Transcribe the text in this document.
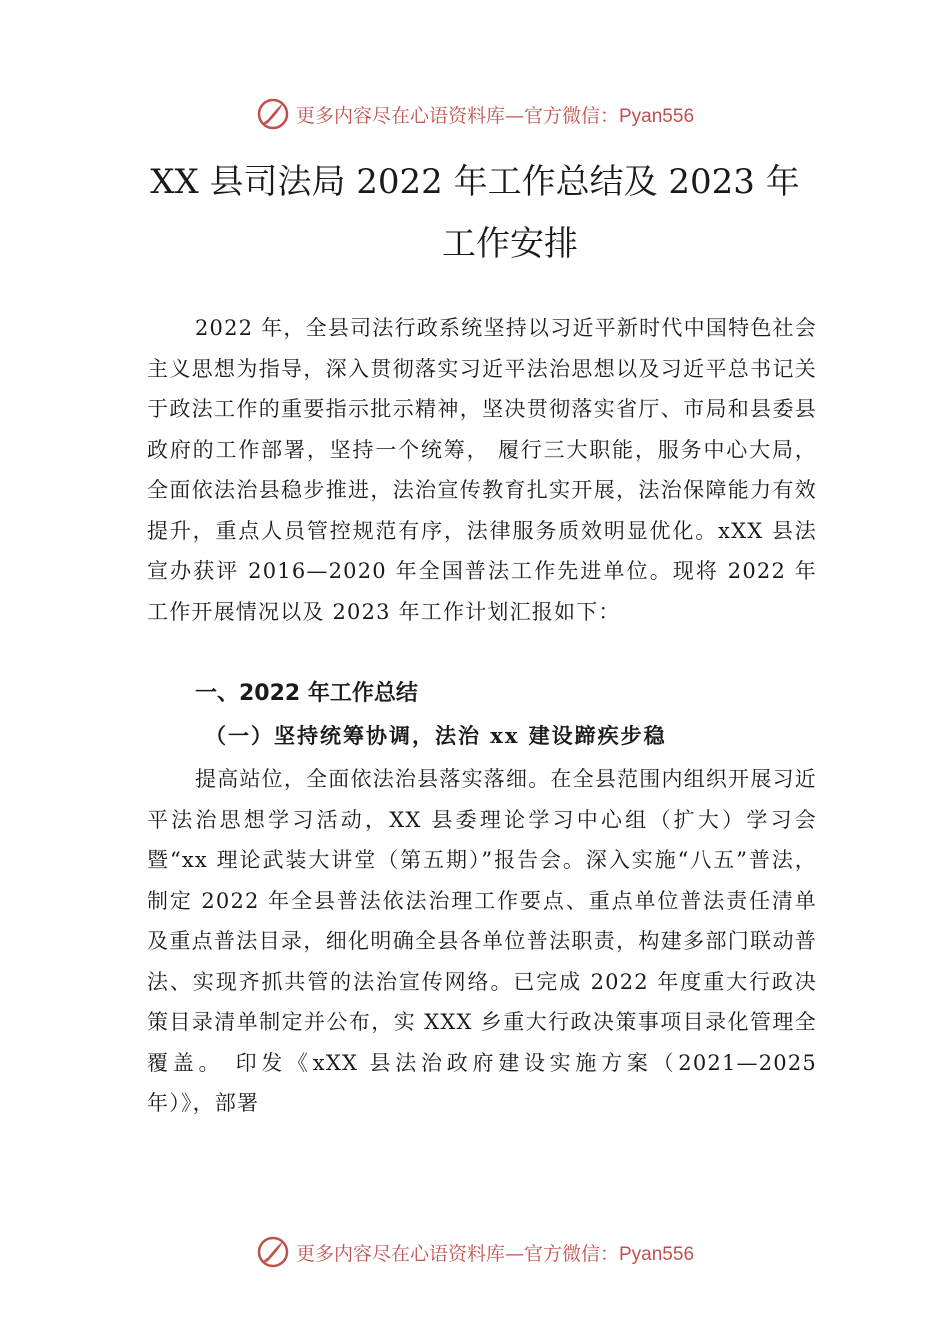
更多内容尽在心语资料库—官方微信：Pyan556
XX 县司法局 2022 年工作总结及 2023 年
工作安排

2022 年，全县司法行政系统坚持以习近平新时代中国特色社会主义思想为指导，深入贯彻落实习近平法治思想以及习近平总书记关于政法工作的重要指示批示精神，坚决贯彻落实省厅、市局和县委县政府的工作部署，坚持一个统筹， 履行三大职能，服务中心大局，全面依法治县稳步推进，法治宣传教育扎实开展，法治保障能力有效提升，重点人员管控规范有序，法律服务质效明显优化。xXX 县法宣办获评 2016—2020 年全国普法工作先进单位。现将 2022 年工作开展情况以及 2023 年工作计划汇报如下：

一、2022 年工作总结

（一）坚持统筹协调，法治 xx 建设蹄疾步稳

提高站位，全面依法治县落实落细。在全县范围内组织开展习近平法治思想学习活动，XX 县委理论学习中心组（扩大）学习会暨“xx 理论武装大讲堂（第五期）”报告会。深入实施“八五”普法，制定 2022 年全县普法依法治理工作要点、重点单位普法责任清单及重点普法目录，细化明确全县各单位普法职责，构建多部门联动普法、实现齐抓共管的法治宣传网络。已完成 2022 年度重大行政决策目录清单制定并公布，实 XXX 乡重大行政决策事项目录化管理全覆盖。 印发《xXX 县法治政府建设实施方案（2021—2025 年）》，部署

更多内容尽在心语资料库—官方微信：Pyan556
